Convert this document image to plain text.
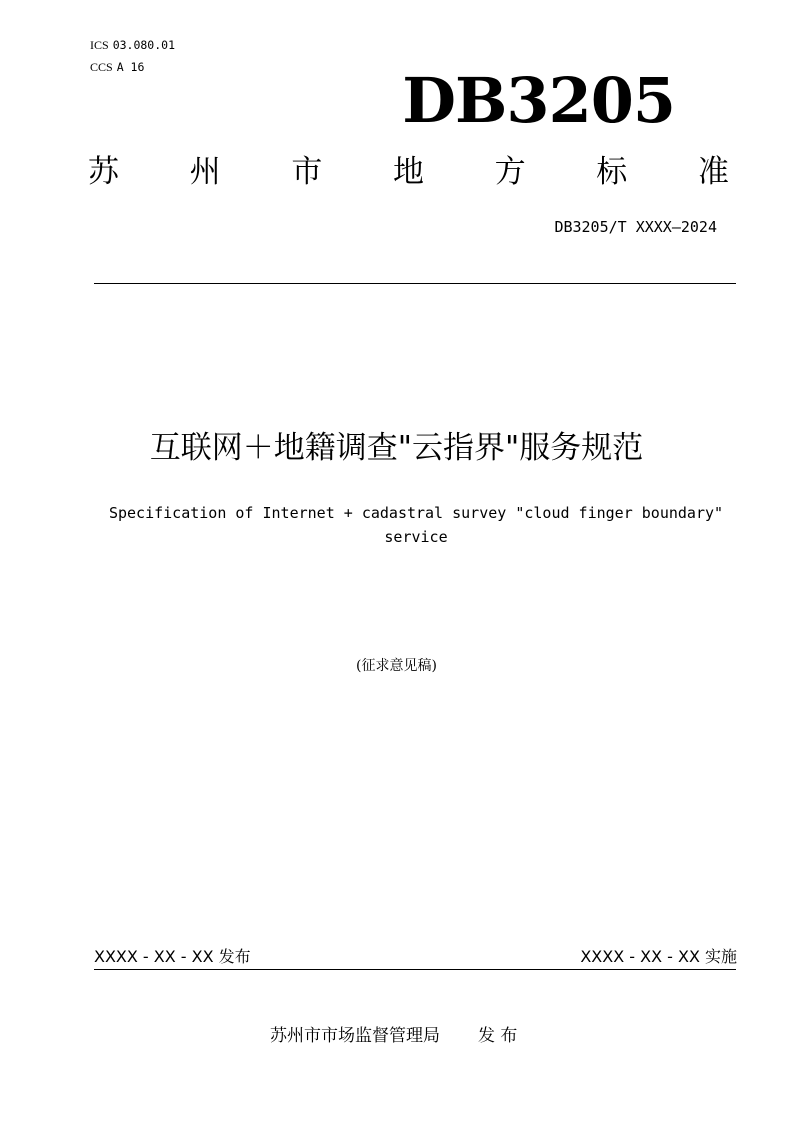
ICS 03.080.01
CCS A 16	DB3205
苏 州 市 地 方 标 准
DB3205/T XXXX—2024
互联网＋地籍调查"云指界"服务规范
Specification of Internet + cadastral survey "cloud finger boundary" service
(征求意见稿)
XXXX - XX - XX 发布	XXXX - XX - XX 实施
苏州市市场监督管理局 发 布
